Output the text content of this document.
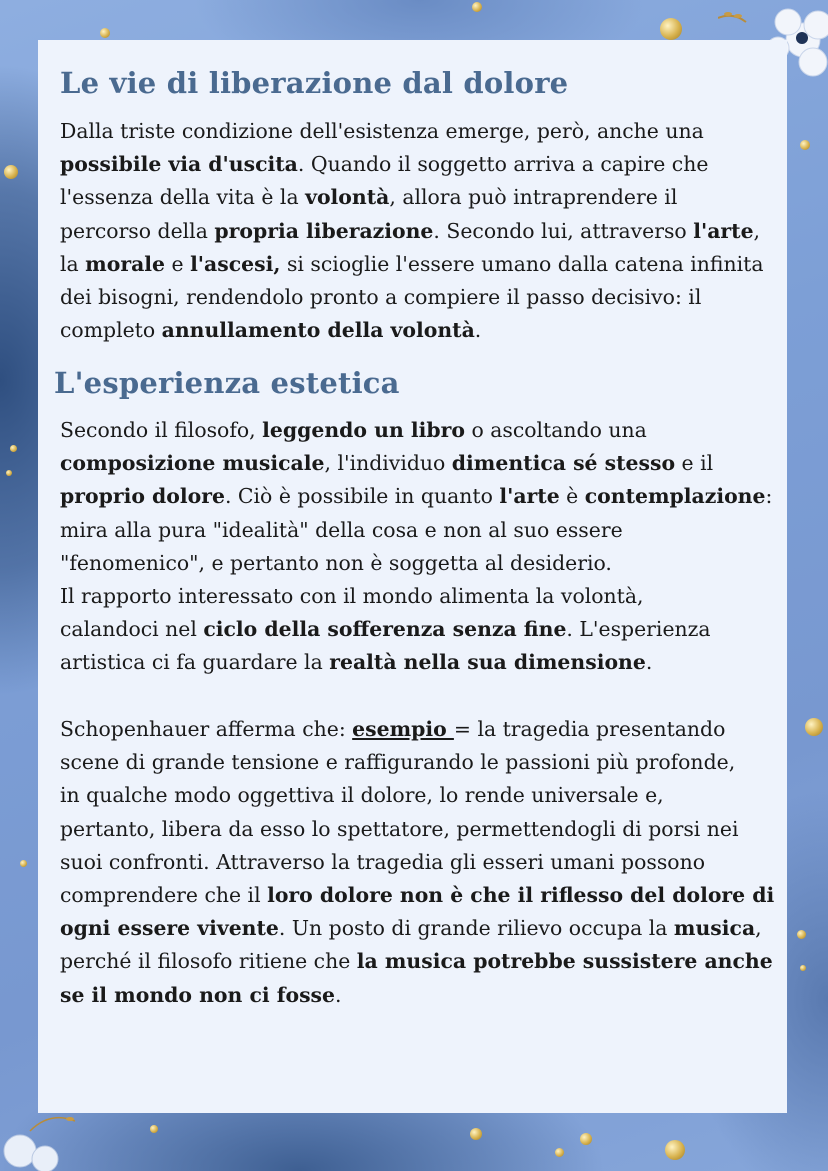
Le vie di liberazione dal dolore
Dalla triste condizione dell'esistenza emerge, però, anche una
possibile via d'uscita. Quando il soggetto arriva a capire che
l'essenza della vita è la volontà, allora può intraprendere il
percorso della propria liberazione. Secondo lui, attraverso l'arte,
la morale e l'ascesi, si scioglie l'essere umano dalla catena infinita
dei bisogni, rendendolo pronto a compiere il passo decisivo: il
completo annullamento della volontà.
L'esperienza estetica
Secondo il filosofo, leggendo un libro o ascoltando una
composizione musicale, l'individuo dimentica sé stesso e il
proprio dolore. Ciò è possibile in quanto l'arte è contemplazione:
mira alla pura "idealità" della cosa e non al suo essere
"fenomenico", e pertanto non è soggetta al desiderio.
Il rapporto interessato con il mondo alimenta la volontà,
calandoci nel ciclo della sofferenza senza fine. L'esperienza
artistica ci fa guardare la realtà nella sua dimensione.
Schopenhauer afferma che: esempio = la tragedia presentando
scene di grande tensione e raffigurando le passioni più profonde,
in qualche modo oggettiva il dolore, lo rende universale e,
pertanto, libera da esso lo spettatore, permettendogli di porsi nei
suoi confronti. Attraverso la tragedia gli esseri umani possono
comprendere che il loro dolore non è che il riflesso del dolore di
ogni essere vivente. Un posto di grande rilievo occupa la musica,
perché il filosofo ritiene che la musica potrebbe sussistere anche
se il mondo non ci fosse.
